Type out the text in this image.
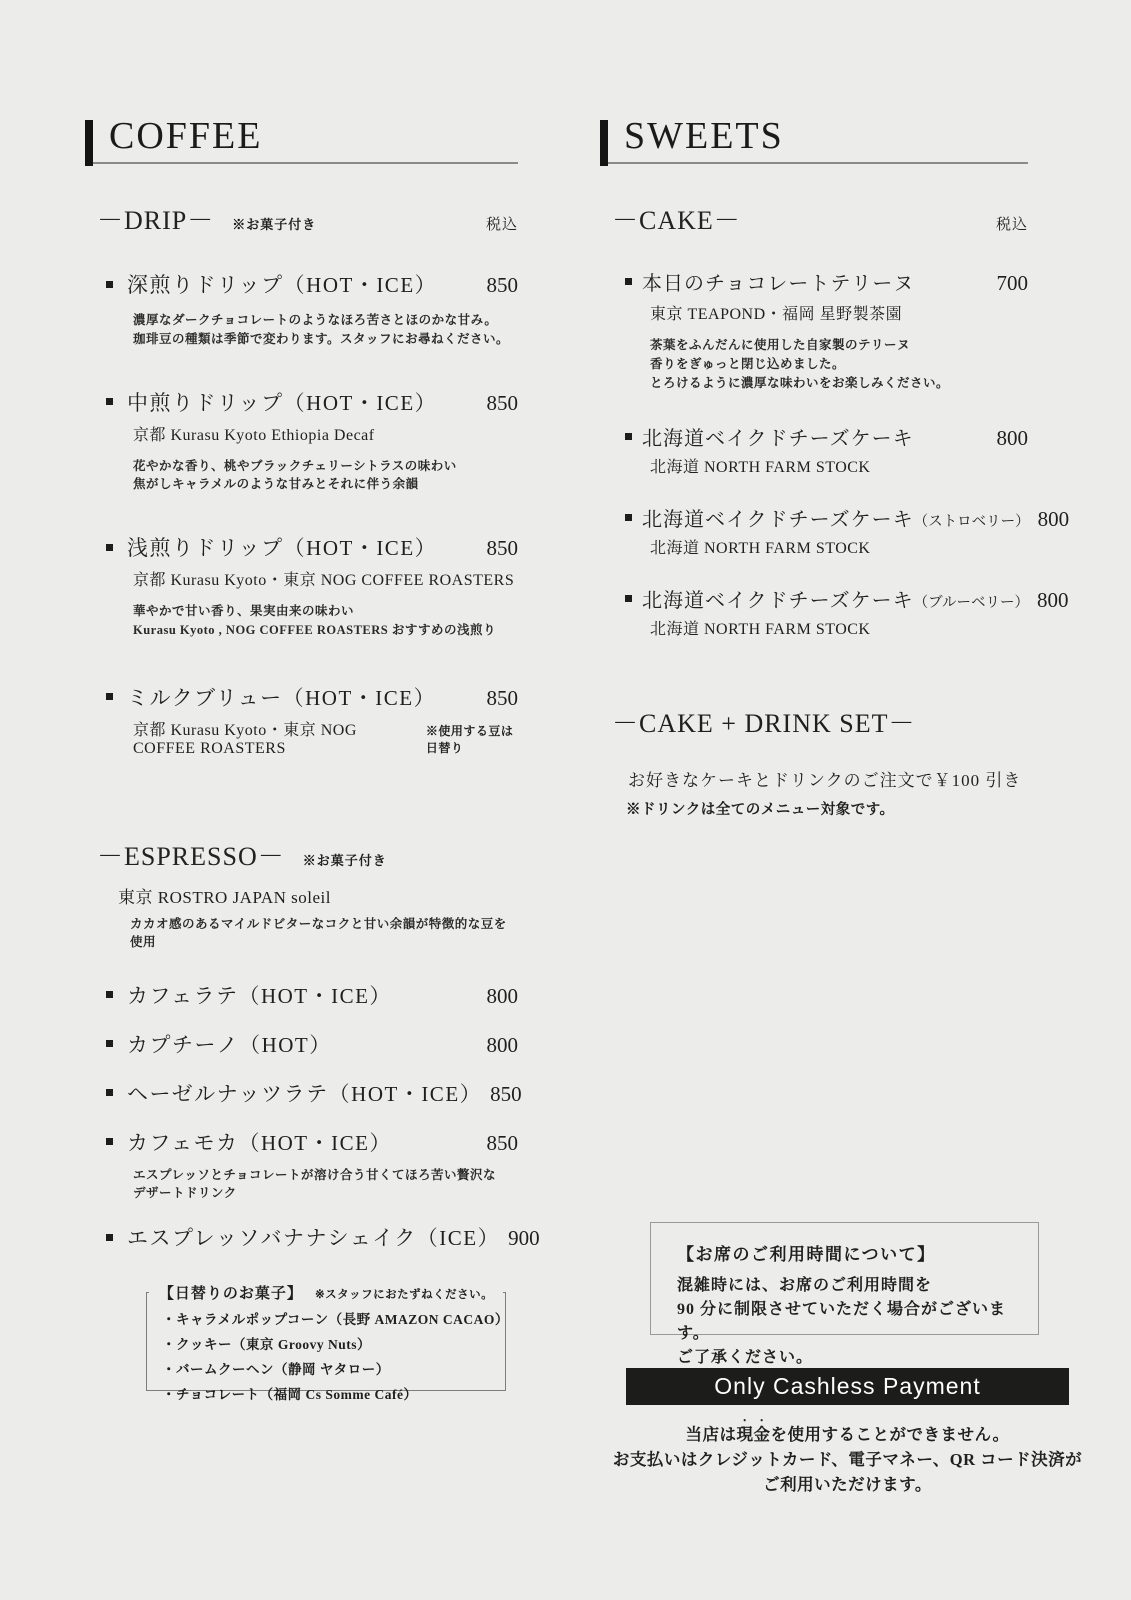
COFFEE
－DRIP－ ※お菓子付き	税込
深煎りドリップ（HOT・ICE）	850
濃厚なダークチョコレートのようなほろ苦さとほのかな甘み。
珈琲豆の種類は季節で変わります。スタッフにお尋ねください。
中煎りドリップ（HOT・ICE）	850
京都 Kurasu Kyoto Ethiopia Decaf
花やかな香り、桃やブラックチェリーシトラスの味わい
焦がしキャラメルのような甘みとそれに伴う余韻
浅煎りドリップ（HOT・ICE）	850
京都 Kurasu Kyoto・東京 NOG COFFEE ROASTERS
華やかで甘い香り、果実由来の味わい
Kurasu Kyoto , NOG COFFEE ROASTERS おすすめの浅煎り
ミルクブリュー（HOT・ICE）	850
京都 Kurasu Kyoto・東京 NOG COFFEE ROASTERS
※使用する豆は日替り
－ESPRESSO－ ※お菓子付き
東京 ROSTRO JAPAN soleil
カカオ感のあるマイルドビターなコクと甘い余韻が特徴的な豆を使用
カフェラテ（HOT・ICE）	800
カプチーノ（HOT）	800
ヘーゼルナッツラテ（HOT・ICE） 850
カフェモカ（HOT・ICE）	850
エスプレッソとチョコレートが溶け合う甘くてほろ苦い贅沢な
デザートドリンク
エスプレッソバナナシェイク（ICE） 900
SWEETS
－CAKE－	税込
本日のチョコレートテリーヌ	700
東京 TEAPOND・福岡 星野製茶園
茶葉をふんだんに使用した自家製のテリーヌ
香りをぎゅっと閉じ込めました。
とろけるように濃厚な味わいをお楽しみください。
北海道ベイクドチーズケーキ	800
北海道 NORTH FARM STOCK
北海道ベイクドチーズケーキ （ストロベリー） 800
北海道 NORTH FARM STOCK
北海道ベイクドチーズケーキ （ブルーベリー） 800
北海道 NORTH FARM STOCK
－CAKE + DRINK SET－
お好きなケーキとドリンクのご注文で￥100 引き
※ドリンクは全てのメニュー対象です。
【日替りのお菓子】 ※スタッフにおたずねください。
・キャラメルポップコーン（長野 AMAZON CACAO）
・クッキー（東京 Groovy Nuts）
・バームクーヘン（静岡 ヤタロー）
・チョコレート（福岡 Cs Somme Café）
【お席のご利用時間について】
混雑時には、お席のご利用時間を
90 分に制限させていただく場合がございます。
ご了承ください。
Only Cashless Payment
当店は現金を使用することができません。
お支払いはクレジットカード、電子マネー、QR コード決済が
ご利用いただけます。
